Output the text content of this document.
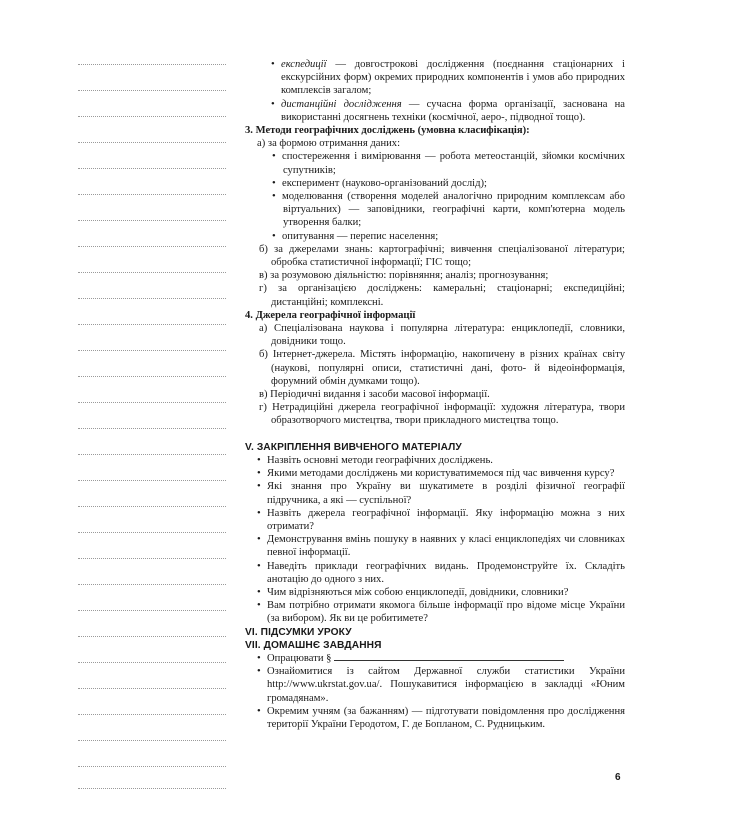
• експедиції — довгострокові дослідження (поєднання стаціонарних і екскурсійних форм) окремих природних компонентів і умов або природних комплексів загалом;

• дистанційні дослідження — сучасна форма організації, заснована на використанні досягнень техніки (космічної, аеро-, підводної тощо).

3. Методи географічних досліджень (умовна класифікація):

а) за формою отримання даних:

• спостереження і вимірювання — робота метеостанцій, зйомки космічних супутників;

• експеримент (науково-організований дослід);

• моделювання (створення моделей аналогічно природним комплексам або віртуальних) — заповідники, географічні карти, комп'ютерна модель утворення балки;

• опитування — перепис населення;

б) за джерелами знань: картографічні; вивчення спеціалізованої літератури; обробка статистичної інформації; ГІС тощо;

в) за розумовою діяльністю: порівняння; аналіз; прогнозування;

г) за організацією досліджень: камеральні; стаціонарні; експедиційні; дистанційні; комплексні.

4. Джерела географічної інформації

а) Спеціалізована наукова і популярна література: енциклопедії, словники, довідники тощо.

б) Інтернет-джерела. Містять інформацію, накопичену в різних країнах світу (наукові, популярні описи, статистичні дані, фото- й відеоінформація, форумний обмін думками тощо).

в) Періодичні видання і засоби масової інформації.

г) Нетрадиційні джерела географічної інформації: художня література, твори образотворчого мистецтва, твори прикладного мистецтва тощо.

V. ЗАКРІПЛЕННЯ ВИВЧЕНОГО МАТЕРІАЛУ

• Назвіть основні методи географічних досліджень.

• Якими методами досліджень ми користуватимемося під час вивчення курсу?

• Які знання про Україну ви шукатимете в розділі фізичної географії підручника, а які — суспільної?

• Назвіть джерела географічної інформації. Яку інформацію можна з них отримати?

• Демонстрування вмінь пошуку в наявних у класі енциклопедіях чи словниках певної інформації.

• Наведіть приклади географічних видань. Продемонструйте їх. Складіть анотацію до одного з них.

• Чим відрізняються між собою енциклопедії, довідники, словники?

• Вам потрібно отримати якомога більше інформації про відоме місце України (за вибором). Як ви це робитимете?

VI. ПІДСУМКИ УРОКУ

VII. ДОМАШНЄ ЗАВДАННЯ

• Опрацювати §

• Ознайомитися із сайтом Державної служби статистики України http://www.ukrstat.gov.ua/. Пошукавитися інформацією в закладці «Юним громадянам».

• Окремим учням (за бажанням) — підготувати повідомлення про дослідження території України Геродотом, Г. де Бопланом, С. Рудницьким.

6
